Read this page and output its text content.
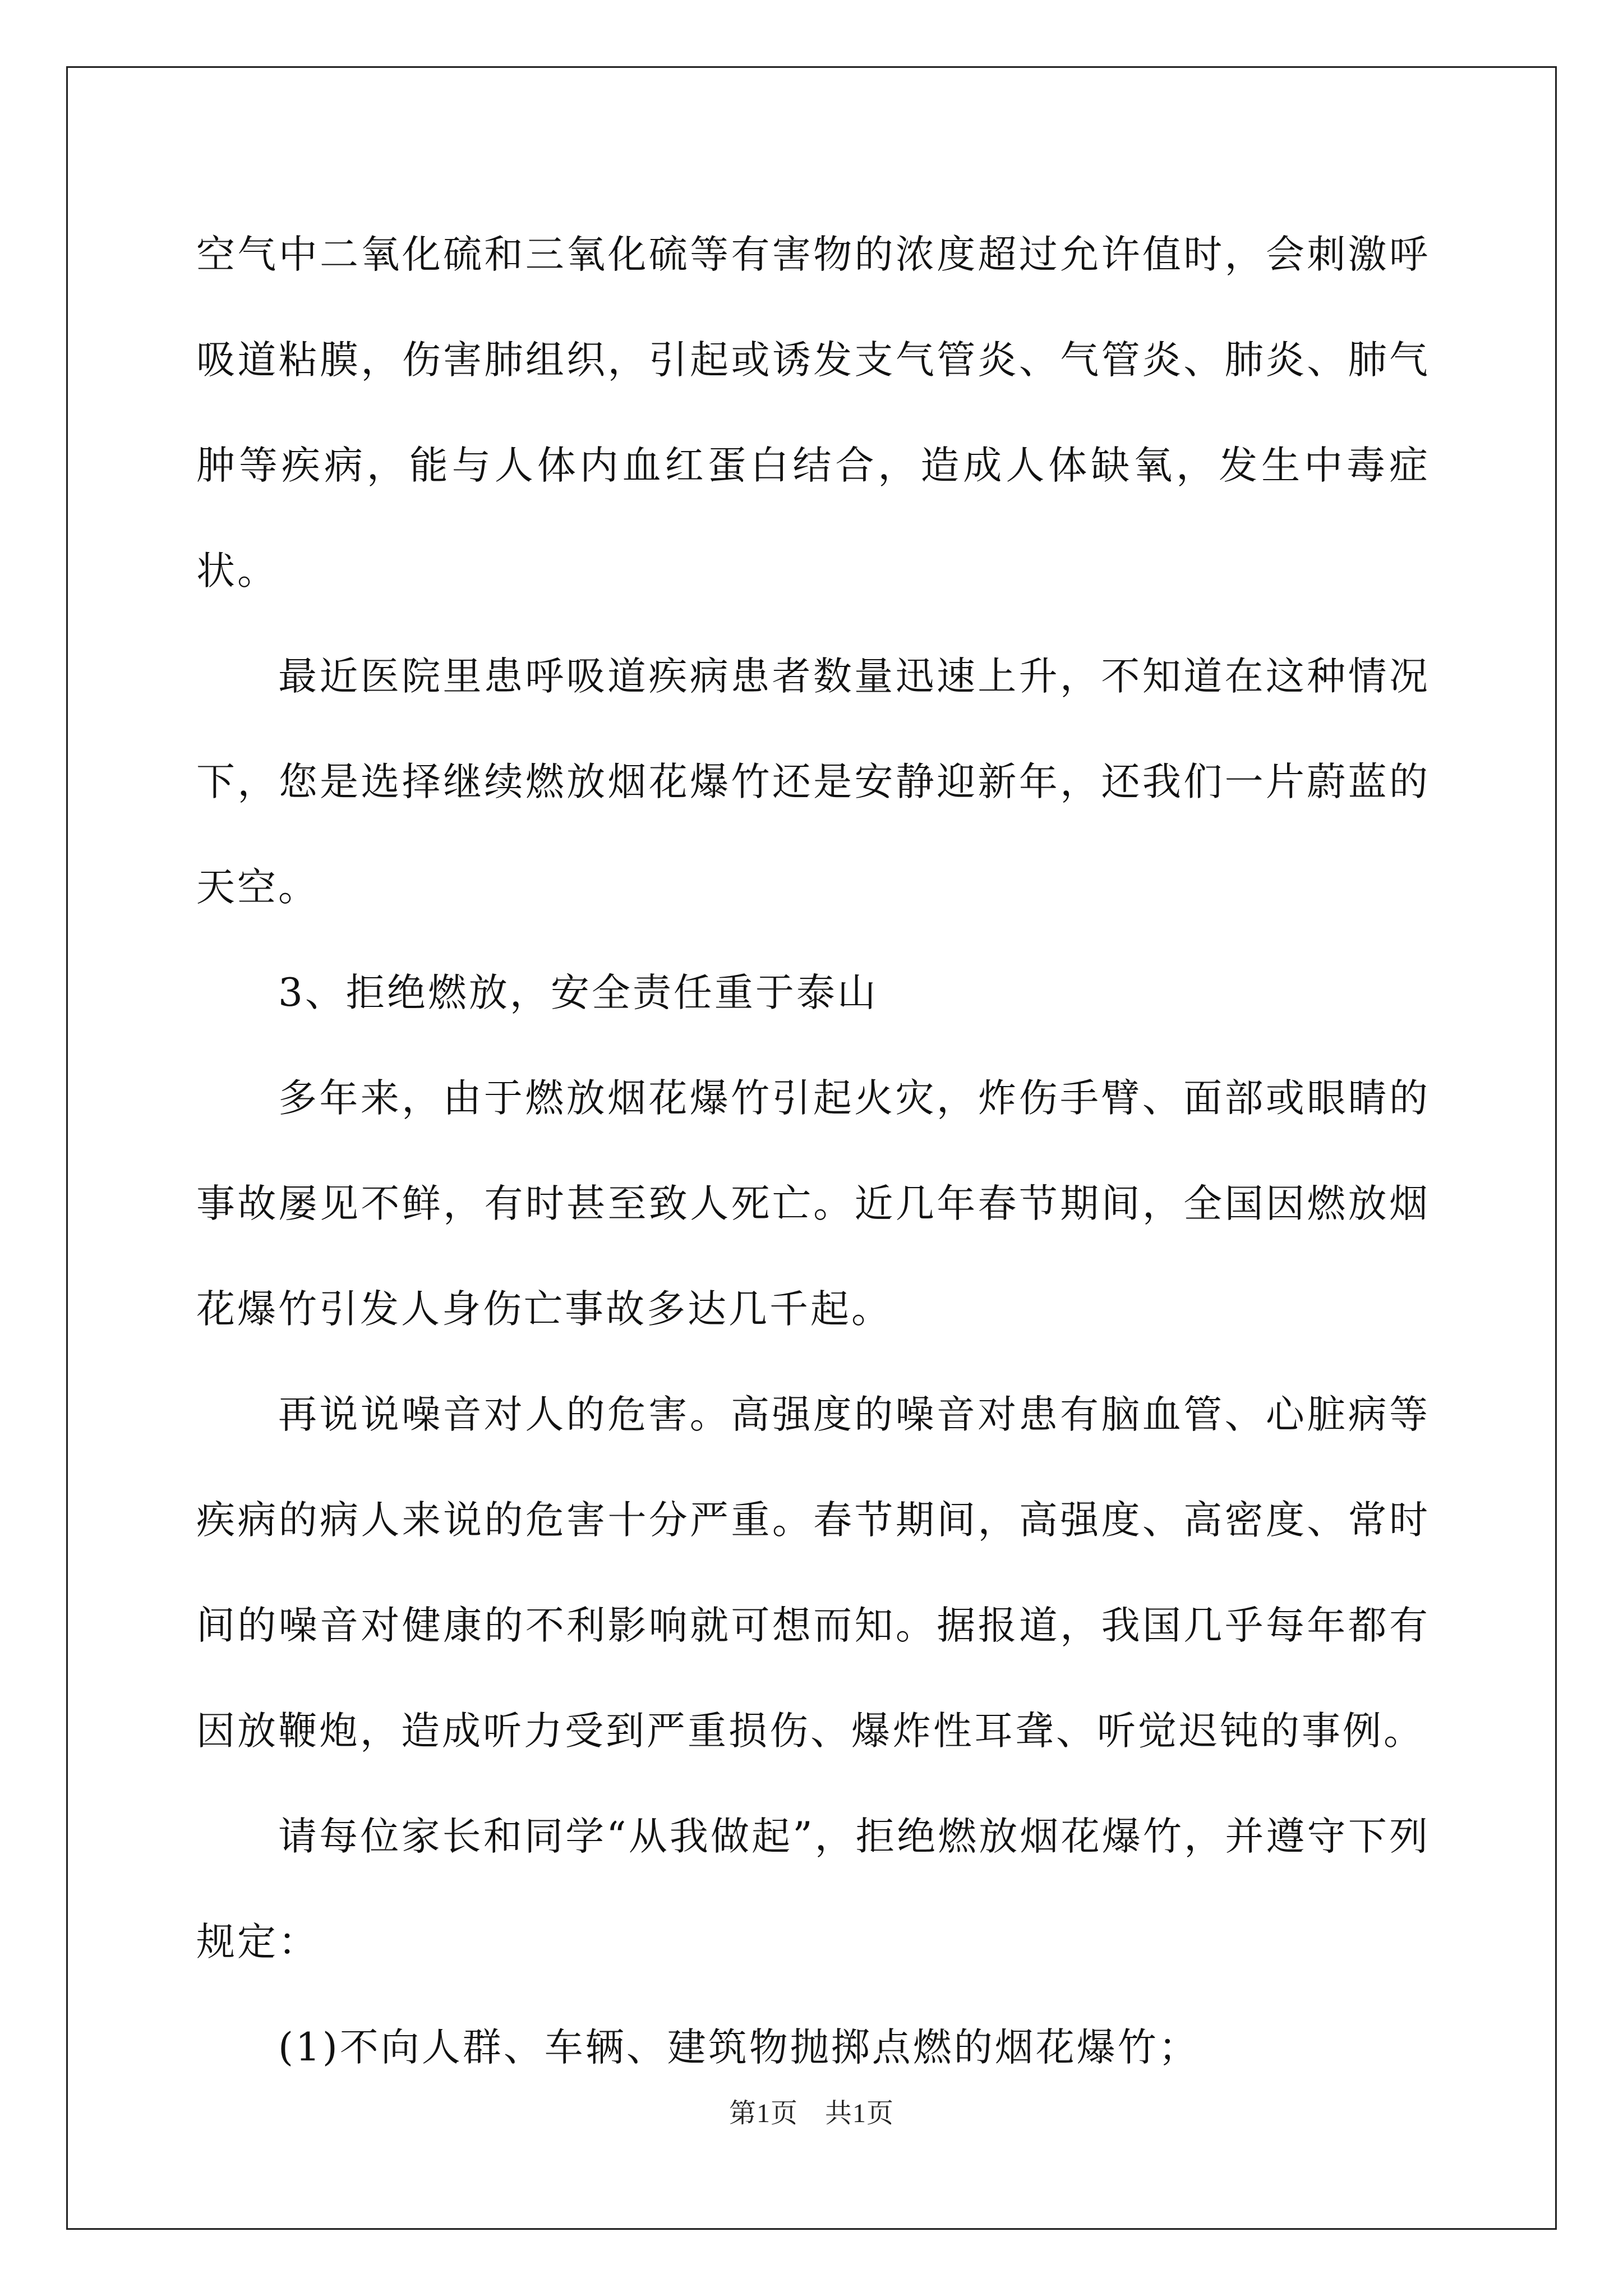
空气中二氧化硫和三氧化硫等有害物的浓度超过允许值时，会刺激呼吸道粘膜，伤害肺组织，引起或诱发支气管炎、气管炎、肺炎、肺气肿等疾病，能与人体内血红蛋白结合，造成人体缺氧，发生中毒症状。

最近医院里患呼吸道疾病患者数量迅速上升，不知道在这种情况下，您是选择继续燃放烟花爆竹还是安静迎新年，还我们一片蔚蓝的天空。

3、拒绝燃放，安全责任重于泰山

多年来，由于燃放烟花爆竹引起火灾，炸伤手臂、面部或眼睛的事故屡见不鲜，有时甚至致人死亡。近几年春节期间，全国因燃放烟花爆竹引发人身伤亡事故多达几千起。

再说说噪音对人的危害。高强度的噪音对患有脑血管、心脏病等疾病的病人来说的危害十分严重。春节期间，高强度、高密度、常时间的噪音对健康的不利影响就可想而知。据报道，我国几乎每年都有因放鞭炮，造成听力受到严重损伤、爆炸性耳聋、听觉迟钝的事例。

请每位家长和同学“从我做起”，拒绝燃放烟花爆竹，并遵守下列规定：

(1)不向人群、车辆、建筑物抛掷点燃的烟花爆竹；

第1页 共1页
